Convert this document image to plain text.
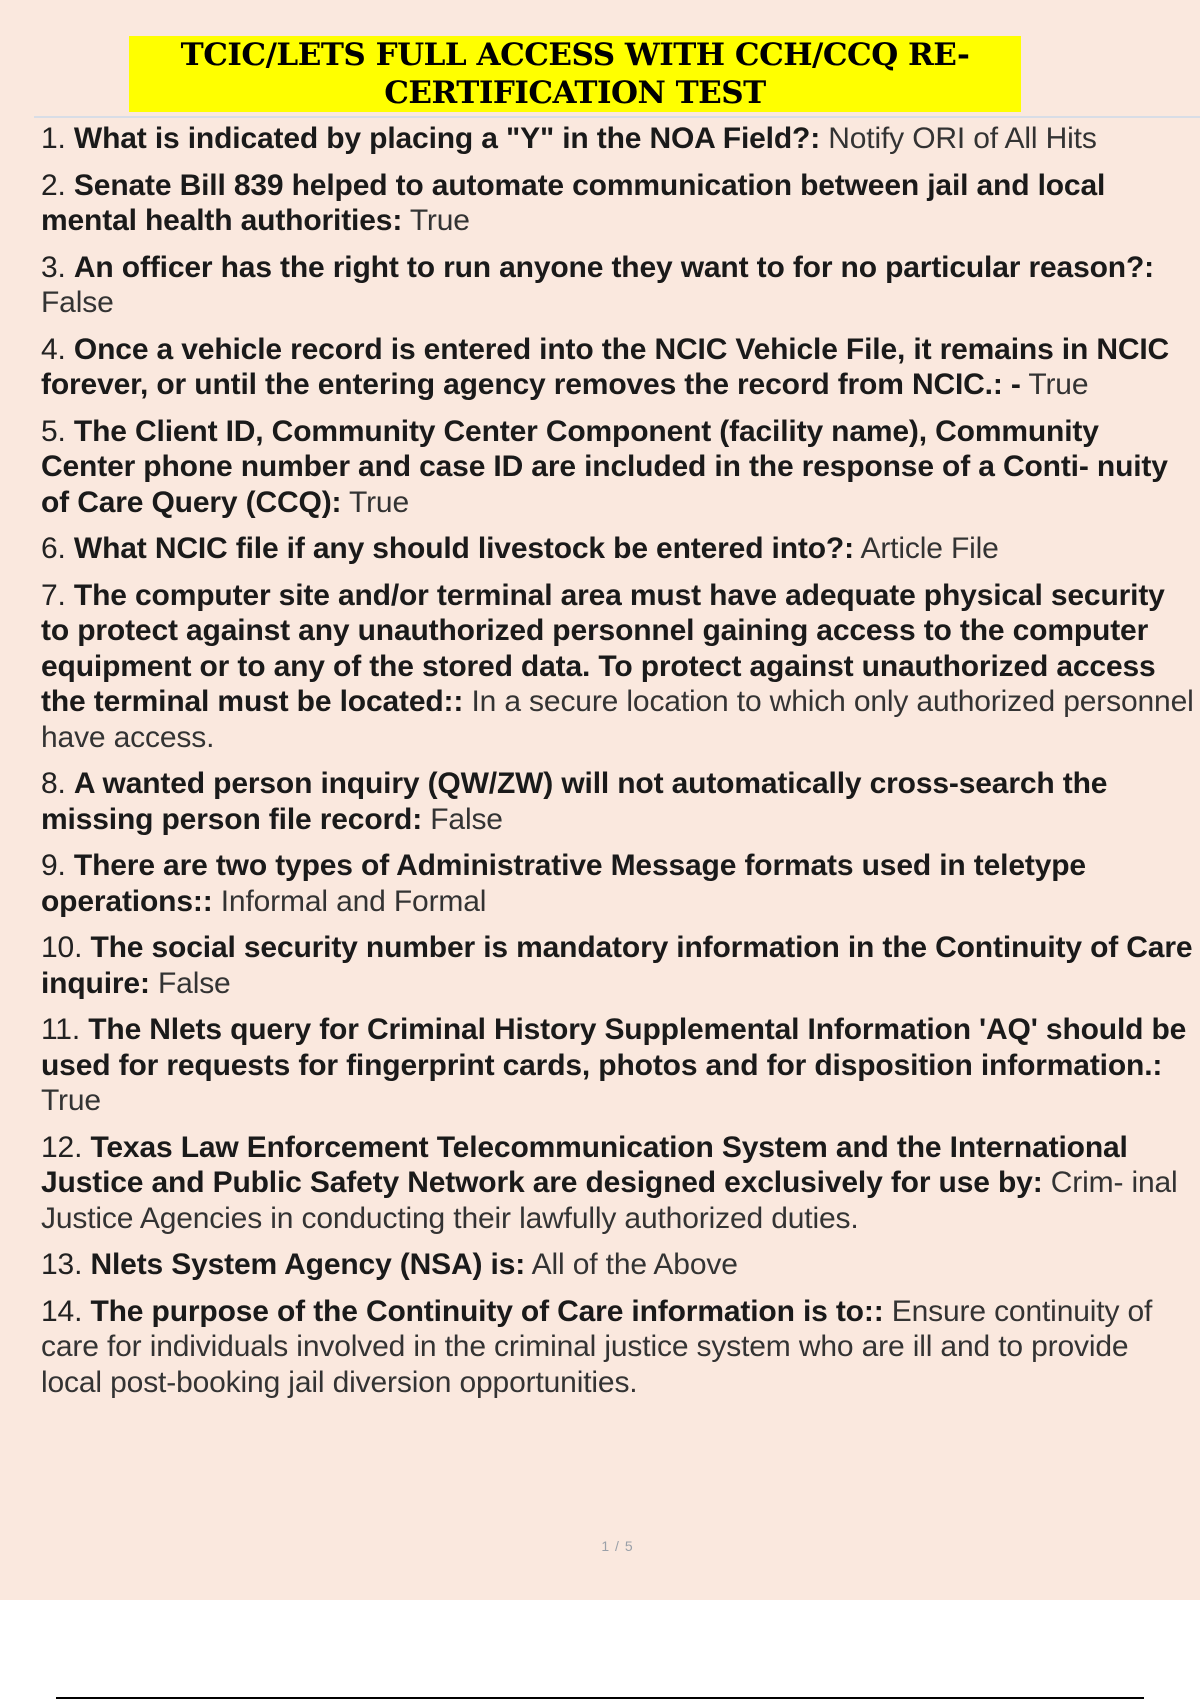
TCIC/LETS FULL ACCESS WITH CCH/CCQ RE-CERTIFICATION TEST
1. What is indicated by placing a "Y" in the NOA Field?: Notify ORI of All Hits
2. Senate Bill 839 helped to automate communication between jail and local mental health authorities: True
3. An officer has the right to run anyone they want to for no particular reason?: False
4. Once a vehicle record is entered into the NCIC Vehicle File, it remains in NCIC forever, or until the entering agency removes the record from NCIC.: - True
5. The Client ID, Community Center Component (facility name), Community Center phone number and case ID are included in the response of a Conti- nuity of Care Query (CCQ): True
6. What NCIC file if any should livestock be entered into?: Article File
7. The computer site and/or terminal area must have adequate physical security to protect against any unauthorized personnel gaining access to the computer equipment or to any of the stored data. To protect against unauthorized access the terminal must be located:: In a secure location to which only authorized personnel have access.
8. A wanted person inquiry (QW/ZW) will not automatically cross-search the missing person file record: False
9. There are two types of Administrative Message formats used in teletype operations:: Informal and Formal
10. The social security number is mandatory information in the Continuity of Care inquire: False
11. The Nlets query for Criminal History Supplemental Information 'AQ' should be used for requests for fingerprint cards, photos and for disposition information.: True
12. Texas Law Enforcement Telecommunication System and the International Justice and Public Safety Network are designed exclusively for use by: Crim- inal Justice Agencies in conducting their lawfully authorized duties.
13. Nlets System Agency (NSA) is: All of the Above
14. The purpose of the Continuity of Care information is to:: Ensure continuity of care for individuals involved in the criminal justice system who are ill and to provide local post-booking jail diversion opportunities.
1 / 5
